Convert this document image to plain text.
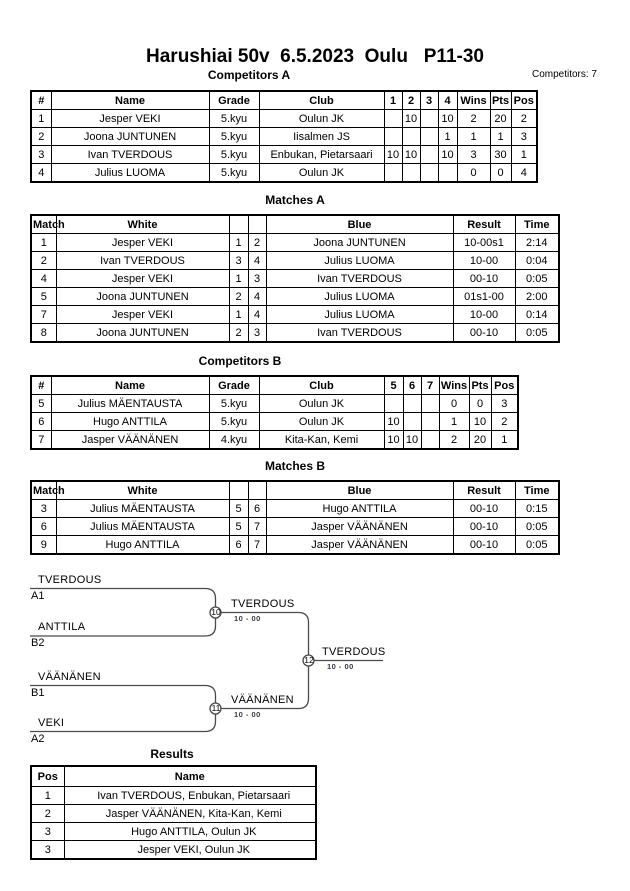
Harushiai 50v  6.5.2023  Oulu   P11-30
Competitors A	Competitors: 7
#	Name	Grade	Club	1	2	3	4	Wins	Pts	Pos
1	Jesper VEKI	5.kyu	Oulun JK		10		10	2	20	2
2	Joona JUNTUNEN	5.kyu	Iisalmen JS				1	1	1	3
3	Ivan TVERDOUS	5.kyu	Enbukan, Pietarsaari	10	10		10	3	30	1
4	Julius LUOMA	5.kyu	Oulun JK					0	0	4
Matches A
Match	White			Blue	Result	Time
1	Jesper VEKI	1	2	Joona JUNTUNEN	10-00s1	2:14
2	Ivan TVERDOUS	3	4	Julius LUOMA	10-00	0:04
4	Jesper VEKI	1	3	Ivan TVERDOUS	00-10	0:05
5	Joona JUNTUNEN	2	4	Julius LUOMA	01s1-00	2:00
7	Jesper VEKI	1	4	Julius LUOMA	10-00	0:14
8	Joona JUNTUNEN	2	3	Ivan TVERDOUS	00-10	0:05
Competitors B
#	Name	Grade	Club	5	6	7	Wins	Pts	Pos
5	Julius MÄENTAUSTA	5.kyu	Oulun JK				0	0	3
6	Hugo ANTTILA	5.kyu	Oulun JK	10			1	10	2
7	Jasper VÄÄNÄNEN	4.kyu	Kita-Kan, Kemi	10	10		2	20	1
Matches B
Match	White			Blue	Result	Time
3	Julius MÄENTAUSTA	5	6	Hugo ANTTILA	00-10	0:15
6	Julius MÄENTAUSTA	5	7	Jasper VÄÄNÄNEN	00-10	0:05
9	Hugo ANTTILA	6	7	Jasper VÄÄNÄNEN	00-10	0:05
TVERDOUS
A1
ANTTILA
B2
10
TVERDOUS
10 - 00
VÄÄNÄNEN
B1
VEKI
A2
11
VÄÄNÄNEN
10 - 00
12
TVERDOUS
10 - 00
Results
Pos	Name
1	Ivan TVERDOUS, Enbukan, Pietarsaari
2	Jasper VÄÄNÄNEN, Kita-Kan, Kemi
3	Hugo ANTTILA, Oulun JK
3	Jesper VEKI, Oulun JK
